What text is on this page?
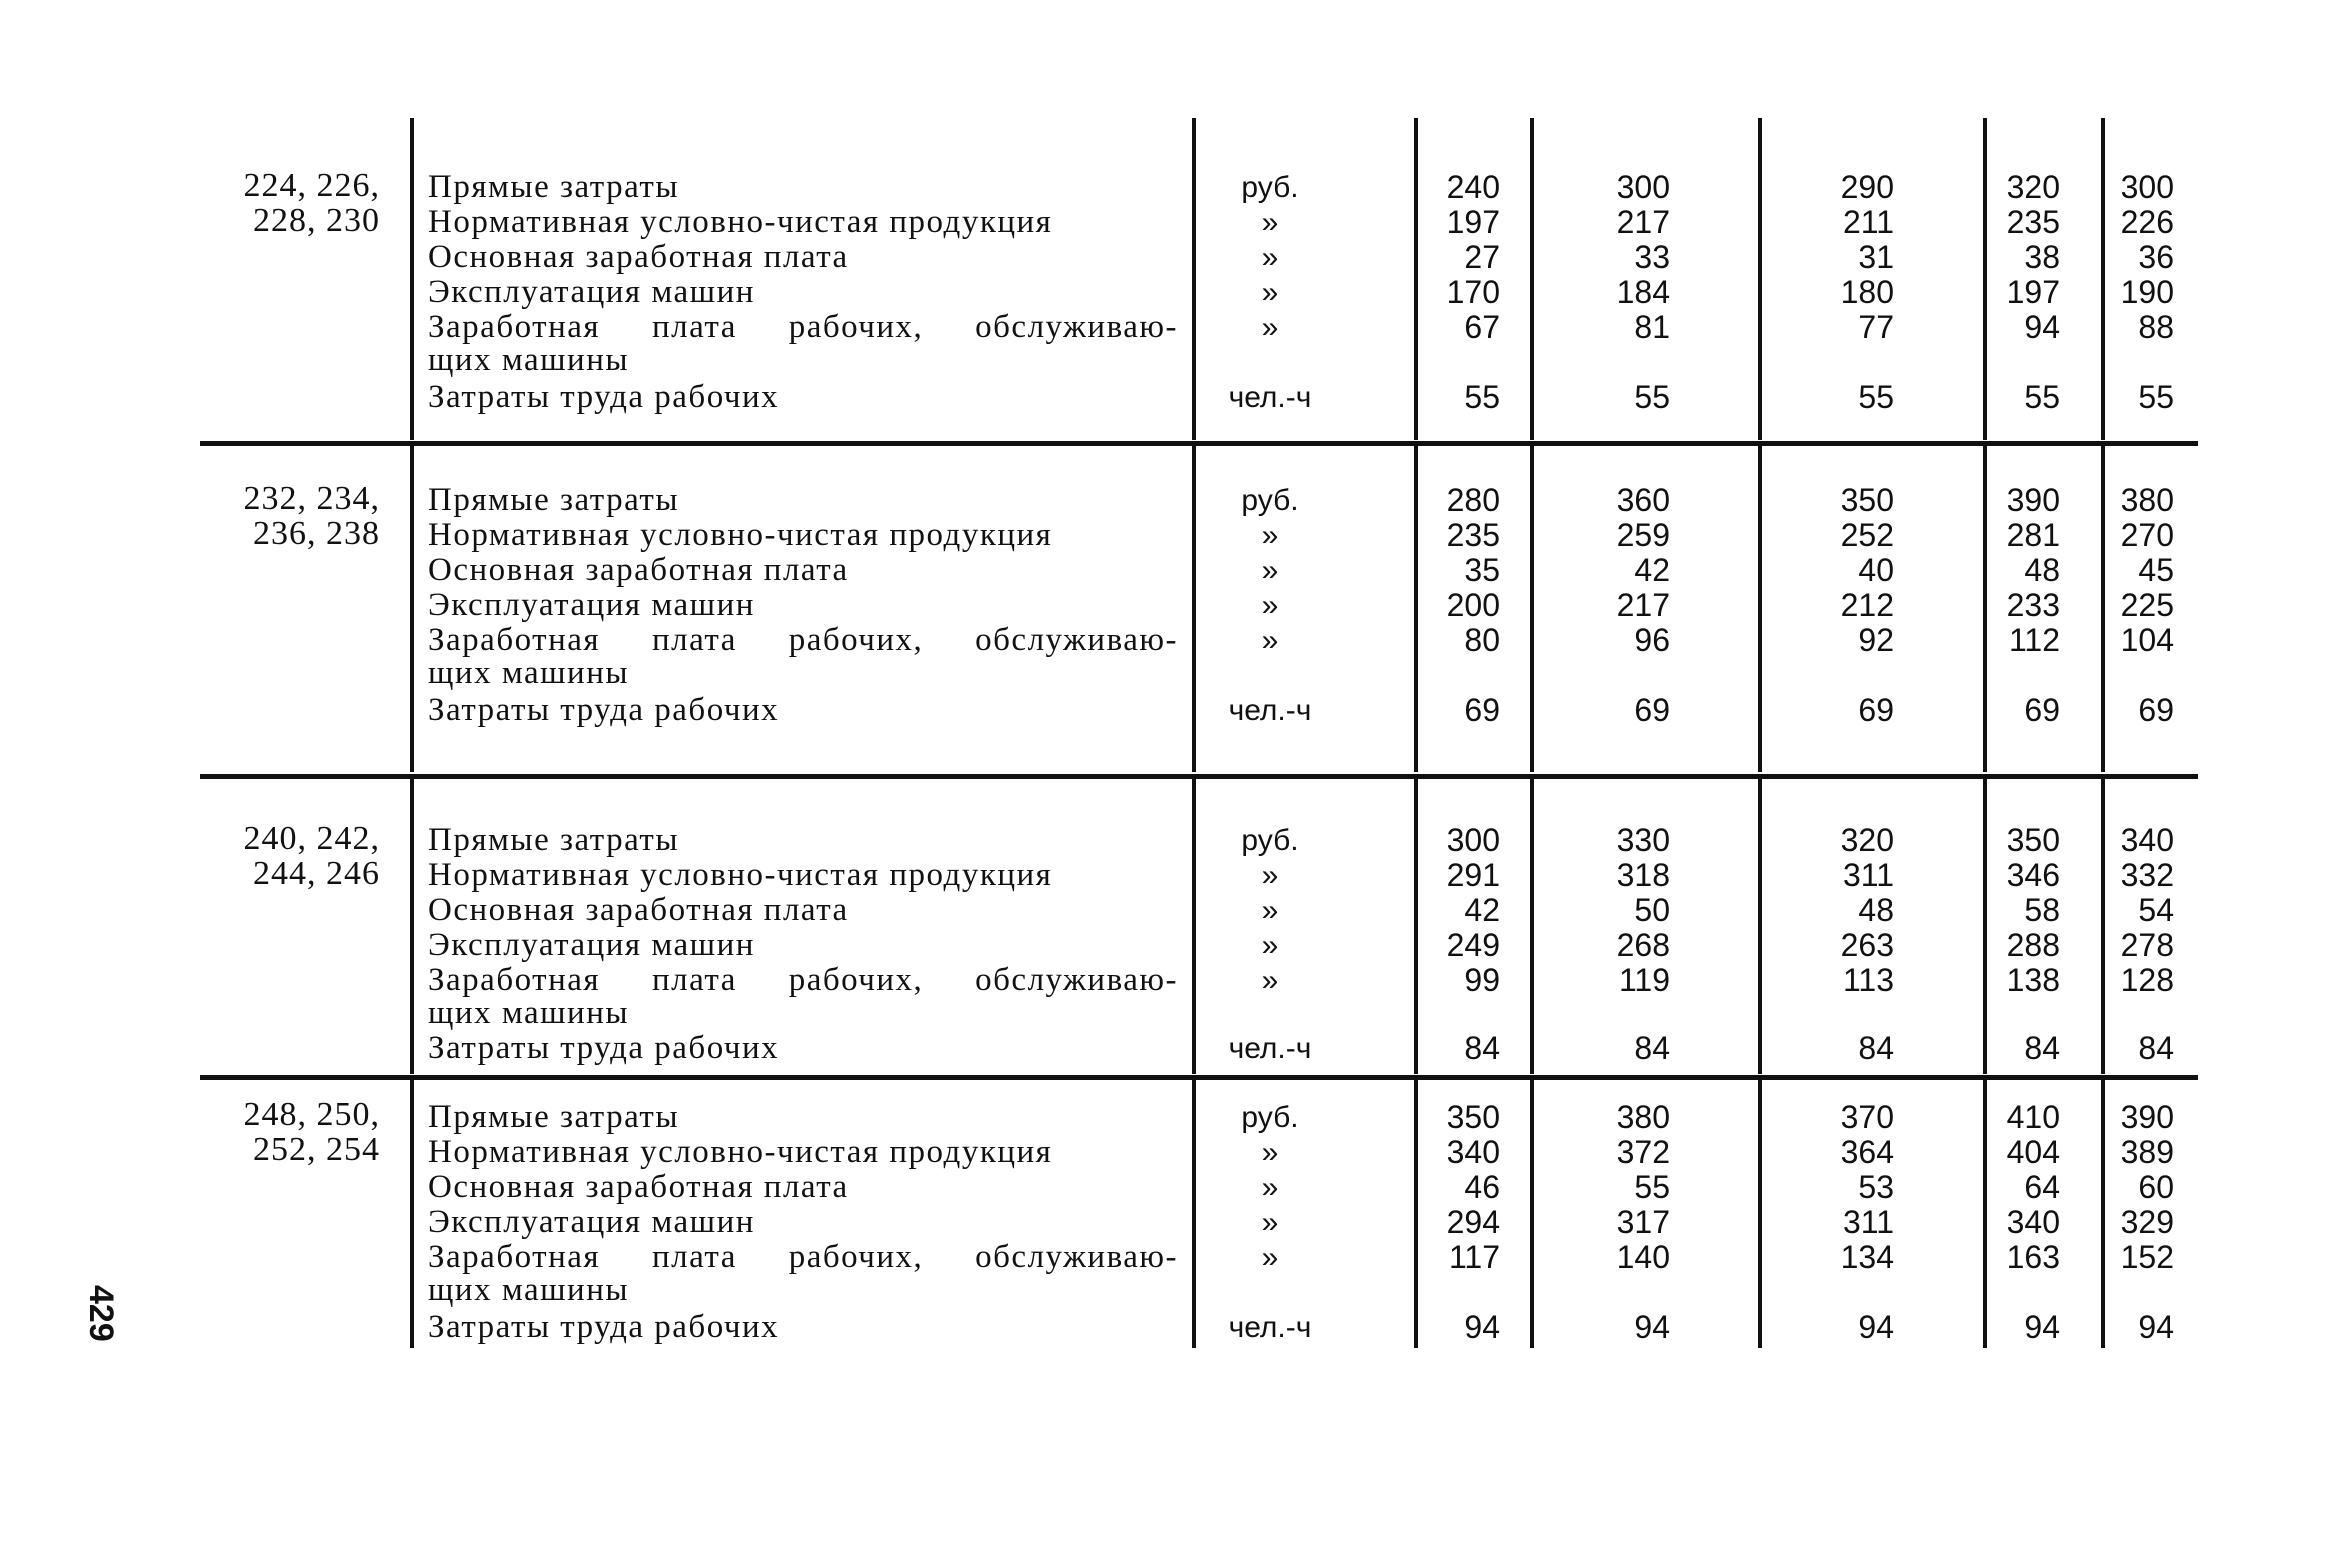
224, 226,
228, 230
Прямые затраты	руб.	240	300	290	320	300
Нормативная условно-чистая продукция	»	197	217	211	235	226
Основная заработная плата	»	27	33	31	38	36
Эксплуатация машин	»	170	184	180	197	190
Заработная плата рабочих, обслуживаю-	»	67	81	77	94	88
щих машины
Затраты труда рабочих	чел.-ч	55	55	55	55	55
232, 234,
236, 238
Прямые затраты	руб.	280	360	350	390	380
Нормативная условно-чистая продукция	»	235	259	252	281	270
Основная заработная плата	»	35	42	40	48	45
Эксплуатация машин	»	200	217	212	233	225
Заработная плата рабочих, обслуживаю-	»	80	96	92	112	104
щих машины
Затраты труда рабочих	чел.-ч	69	69	69	69	69
240, 242,
244, 246
Прямые затраты	руб.	300	330	320	350	340
Нормативная условно-чистая продукция	»	291	318	311	346	332
Основная заработная плата	»	42	50	48	58	54
Эксплуатация машин	»	249	268	263	288	278
Заработная плата рабочих, обслуживаю-	»	99	119	113	138	128
щих машины
Затраты труда рабочих	чел.-ч	84	84	84	84	84
248, 250,
252, 254
Прямые затраты	руб.	350	380	370	410	390
Нормативная условно-чистая продукция	»	340	372	364	404	389
Основная заработная плата	»	46	55	53	64	60
Эксплуатация машин	»	294	317	311	340	329
Заработная плата рабочих, обслуживаю-	»	117	140	134	163	152
щих машины
Затраты труда рабочих	чел.-ч	94	94	94	94	94
429
